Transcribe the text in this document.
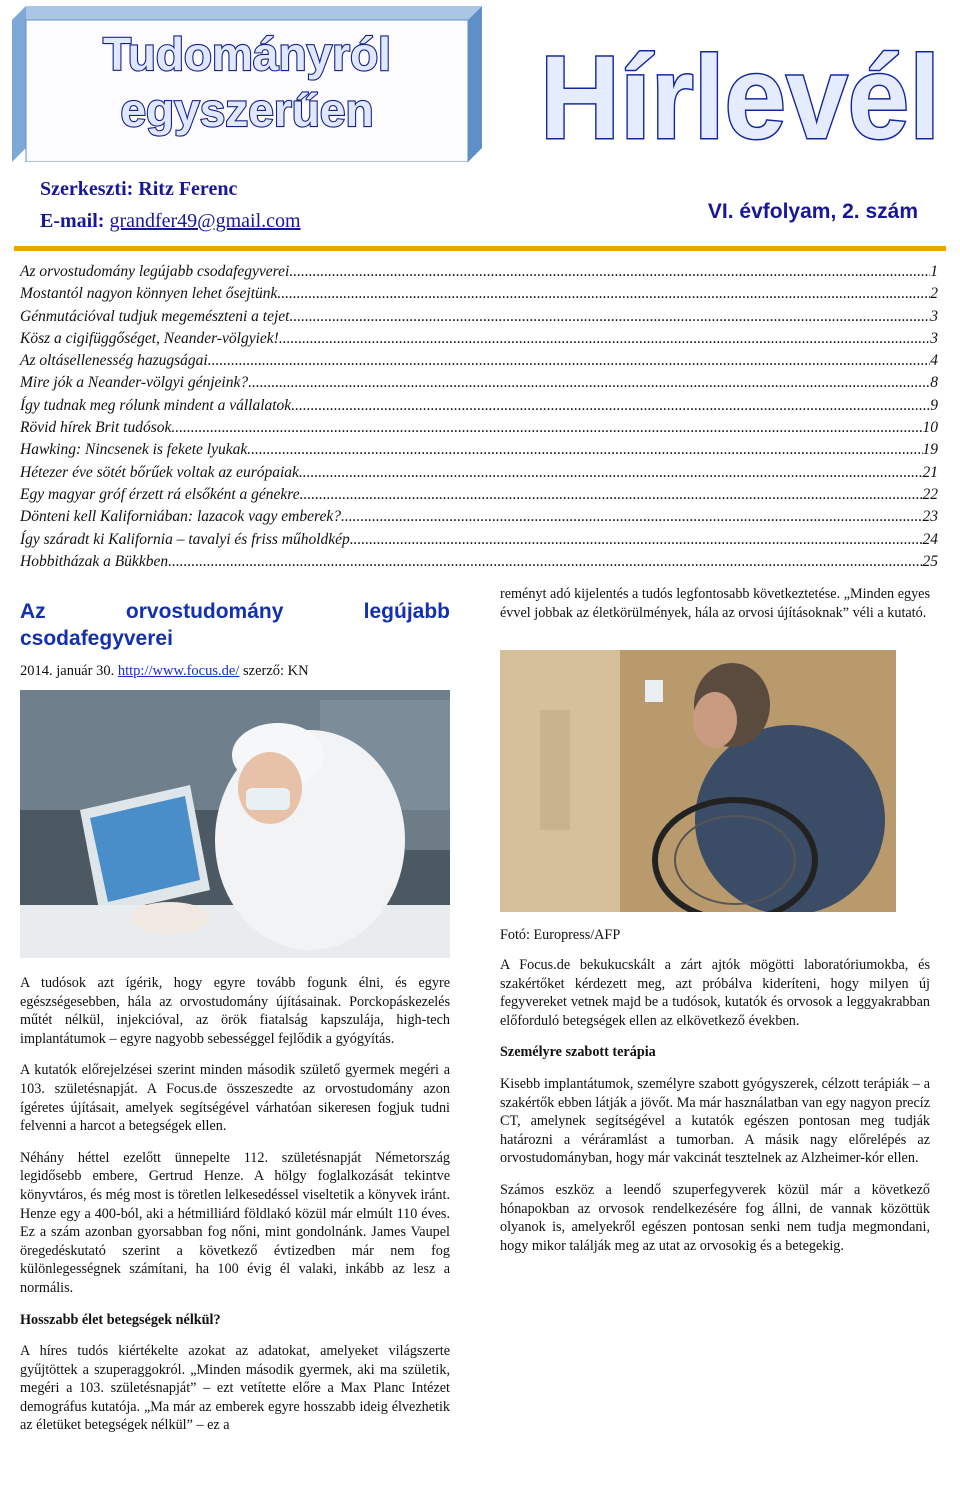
Tudományról
egyszerűen Hírlevél
Szerkeszti: Ritz Ferenc
E-mail: grandfer49@gmail.com	VI. évfolyam, 2. szám
Az orvostudomány legújabb csodafegyverei .....	1
Mostantól nagyon könnyen lehet ősejtünk .....	2
Génmutációval tudjuk megemészteni a tejet .....	3
Kösz a cigifüggőséget, Neander-völgyiek! .....	3
Az oltásellenesség hazugságai .....	4
Mire jók a Neander-völgyi génjeink? .....	8
Így tudnak meg rólunk mindent a vállalatok .....	9
Rövid hírek Brit tudósok .....	10
Hawking: Nincsenek is fekete lyukak .....	19
Hétezer éve sötét bőrűek voltak az európaiak .....	21
Egy magyar gróf érzett rá elsőként a génekre .....	22
Dönteni kell Kaliforniában: lazacok vagy emberek? .....	23
Így száradt ki Kalifornia – tavalyi és friss műholdkép .....	24
Hobbitházak a Bükkben .....	25
Az orvostudomány legújabb
csodafegyverei
2014. január 30. http://www.focus.de/ szerző: KN

reményt adó kijelentés a tudós legfontosabb következtetése. „Minden egyes évvel jobbak az életkörülmények, hála az orvosi újításoknak” véli a kutató.

Fotó: Europress/AFP

A tudósok azt ígérik, hogy egyre tovább fogunk élni, és egyre egészségesebben, hála az orvostudomány újításainak. Porckopáskezelés műtét nélkül, injekcióval, az örök fiatalság kapszulája, high-tech implantátumok – egyre nagyobb sebességgel fejlődik a gyógyítás.

A kutatók előrejelzései szerint minden második születő gyermek megéri a 103. születésnapját. A Focus.de összeszedte az orvostudomány azon ígéretes újításait, amelyek segítségével várhatóan sikeresen fogjuk tudni felvenni a harcot a betegségek ellen.

Néhány héttel ezelőtt ünnepelte 112. születésnapját Németország legidősebb embere, Gertrud Henze. A hölgy foglalkozását tekintve könyvtáros, és még most is töretlen lelkesedéssel viseltetik a könyvek iránt. Henze egy a 400-ból, aki a hétmilliárd földlakó közül már elmúlt 110 éves. Ez a szám azonban gyorsabban fog nőni, mint gondolnánk. James Vaupel öregedéskutató szerint a következő évtizedben már nem fog különlegességnek számítani, ha 100 évig él valaki, inkább az lesz a normális.

Hosszabb élet betegségek nélkül?

A híres tudós kiértékelte azokat az adatokat, amelyeket világszerte gyűjtöttek a szuperaggokról. „Minden második gyermek, aki ma születik, megéri a 103. születésnapját” – ezt vetítette előre a Max Planc Intézet demográfus kutatója. „Ma már az emberek egyre hosszabb ideig élvezhetik az életüket betegségek nélkül” – ez a

A Focus.de bekukucskált a zárt ajtók mögötti laboratóriumokba, és szakértőket kérdezett meg, azt próbálva kideríteni, hogy milyen új fegyvereket vetnek majd be a tudósok, kutatók és orvosok a leggyakrabban előforduló betegségek ellen az elkövetkező években.

Személyre szabott terápia

Kisebb implantátumok, személyre szabott gyógyszerek, célzott terápiák – a szakértők ebben látják a jövőt. Ma már használatban van egy nagyon precíz CT, amelynek segítségével a kutatók egészen pontosan meg tudják határozni a véráramlást a tumorban. A másik nagy előrelépés az orvostudományban, hogy már vakcinát tesztelnek az Alzheimer-kór ellen.

Számos eszköz a leendő szuperfegyverek közül már a következő hónapokban az orvosok rendelkezésére fog állni, de vannak közöttük olyanok is, amelyekről egészen pontosan senki nem tudja megmondani, hogy mikor találják meg az utat az orvosokig és a betegekig.
